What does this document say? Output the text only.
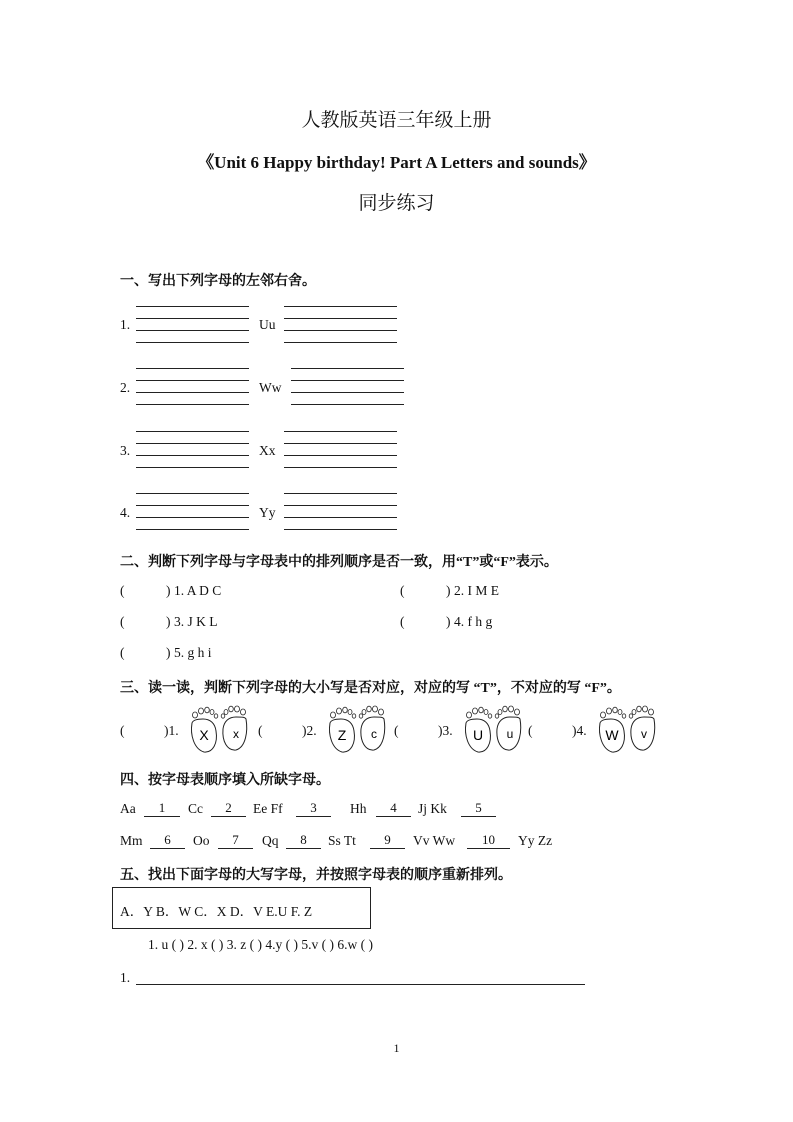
人教版英语三年级上册
《Unit 6 Happy birthday! Part A Letters and sounds》
同步练习
一、写出下列字母的左邻右舍。
1.	Uu
2.	Ww
3.	Xx
4.	Yy
二、判断下列字母与字母表中的排列顺序是否一致，用“T”或“F”表示。
(	) 1. A D C	(	) 2. I M E
(	) 3. J K L	(	) 4. f h g
(	) 5. g h i
三、读一读，判断下列字母的大小写是否对应，对应的写 “T”，不对应的写 “F”。
(	)1. X x (	)2. Z c (	)3. U u (	)4. W v
四、按字母表顺序填入所缺字母。
Aa	1	Cc	2	Ee Ff	3	Hh	4	Jj Kk	5
Mm	6	Oo	7	Qq	8	Ss Tt	9	Vv Ww	10	Yy Zz
五、找出下面字母的大写字母，并按照字母表的顺序重新排列。
A．Y B．W C．X D．V E.U F. Z
1. u ( ) 2. x ( ) 3. z ( ) 4.y ( ) 5.v ( ) 6.w ( )
1.
1
